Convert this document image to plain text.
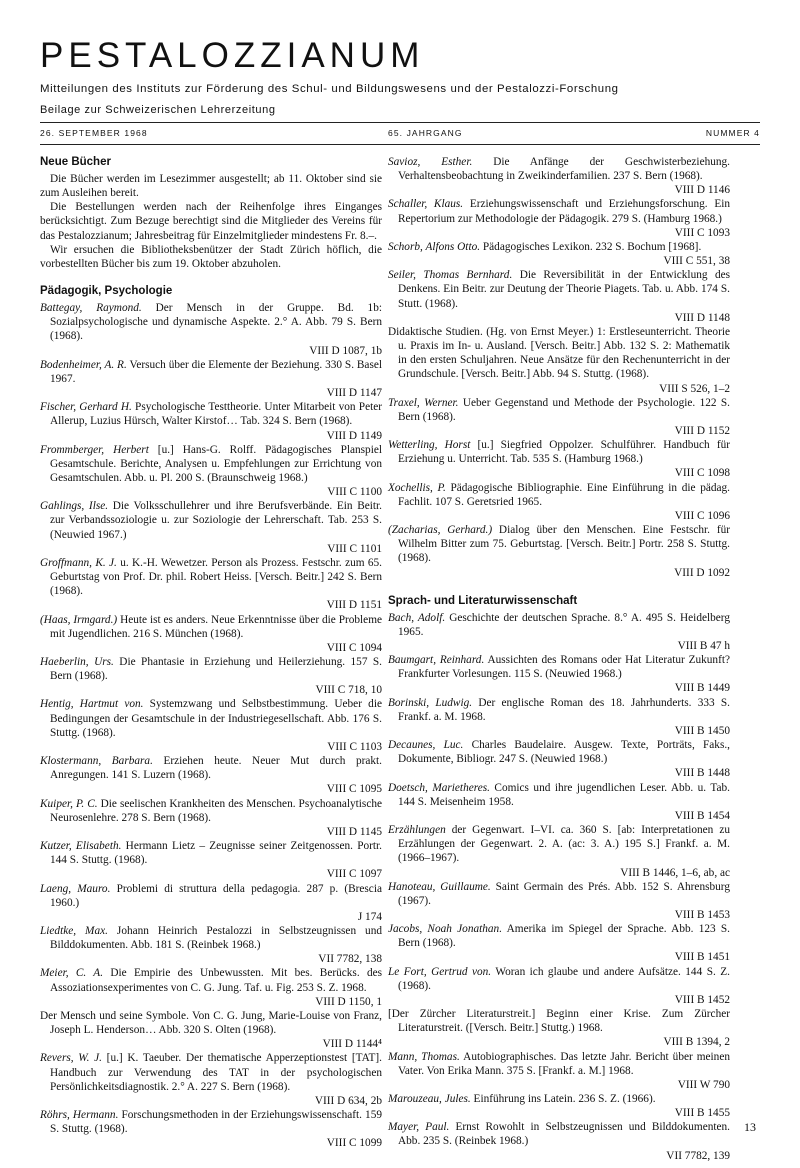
PESTALOZZIANUM
Mitteilungen des Instituts zur Förderung des Schul- und Bildungswesens und der Pestalozzi-Forschung
Beilage zur Schweizerischen Lehrerzeitung
26. SEPTEMBER 1968	65. JAHRGANG	NUMMER 4
Neue Bücher

Die Bücher werden im Lesezimmer ausgestellt; ab 11. Oktober sind sie zum Ausleihen bereit.

Die Bestellungen werden nach der Reihenfolge ihres Einganges berücksichtigt. Zum Bezuge berechtigt sind die Mitglieder des Vereins für das Pestalozzianum; Jahresbeitrag für Einzelmitglieder mindestens Fr. 8.–.

Wir ersuchen die Bibliotheksbenützer der Stadt Zürich höflich, die vorbestellten Bücher bis zum 19. Oktober abzuholen.

Pädagogik, Psychologie
Battegay, Raymond. Der Mensch in der Gruppe. Bd. 1b: Sozialpsychologische und dynamische Aspekte. 2.° A. Abb. 79 S. Bern (1968).
VIII D 1087, 1b
Bodenheimer, A. R. Versuch über die Elemente der Beziehung. 330 S. Basel 1967.
VIII D 1147
Fischer, Gerhard H. Psychologische Testtheorie. Unter Mitarbeit von Peter Allerup, Luzius Hürsch, Walter Kirstof… Tab. 324 S. Bern (1968).
VIII D 1149
Frommberger, Herbert [u.] Hans-G. Rolff. Pädagogisches Planspiel Gesamtschule. Berichte, Analysen u. Empfehlungen zur Errichtung von Gesamtschulen. Abb. u. Pl. 200 S. (Braunschweig 1968.)
VIII C 1100
Gahlings, Ilse. Die Volksschullehrer und ihre Berufsverbände. Ein Beitr. zur Verbandssoziologie u. zur Soziologie der Lehrerschaft. Tab. 253 S. (Neuwied 1967.)
VIII C 1101
Groffmann, K. J. u. K.-H. Wewetzer. Person als Prozess. Festschr. zum 65. Geburtstag von Prof. Dr. phil. Robert Heiss. [Versch. Beitr.] 242 S. Bern (1968).
VIII D 1151
(Haas, Irmgard.) Heute ist es anders. Neue Erkenntnisse über die Probleme mit Jugendlichen. 216 S. München (1968).
VIII C 1094
Haeberlin, Urs. Die Phantasie in Erziehung und Heilerziehung. 157 S. Bern (1968).
VIII C 718, 10
Hentig, Hartmut von. Systemzwang und Selbstbestimmung. Ueber die Bedingungen der Gesamtschule in der Industriegesellschaft. Abb. 176 S. Stuttg. (1968).
VIII C 1103
Klostermann, Barbara. Erziehen heute. Neuer Mut durch prakt. Anregungen. 141 S. Luzern (1968).
VIII C 1095
Kuiper, P. C. Die seelischen Krankheiten des Menschen. Psychoanalytische Neurosenlehre. 278 S. Bern (1968).
VIII D 1145
Kutzer, Elisabeth. Hermann Lietz – Zeugnisse seiner Zeitgenossen. Portr. 144 S. Stuttg. (1968).
VIII C 1097
Laeng, Mauro. Problemi di struttura della pedagogia. 287 p. (Brescia 1960.)
J 174
Liedtke, Max. Johann Heinrich Pestalozzi in Selbstzeugnissen und Bilddokumenten. Abb. 181 S. (Reinbek 1968.)
VII 7782, 138
Meier, C. A. Die Empirie des Unbewussten. Mit bes. Berücks. des Assoziationsexperimentes von C. G. Jung. Taf. u. Fig. 253 S. Z. 1968.
VIII D 1150, 1
Der Mensch und seine Symbole. Von C. G. Jung, Marie-Louise von Franz, Joseph L. Henderson… Abb. 320 S. Olten (1968).
VIII D 1144⁴
Revers, W. J. [u.] K. Taeuber. Der thematische Apperzeptionstest [TAT]. Handbuch zur Verwendung des TAT in der psychologischen Persönlichkeitsdiagnostik. 2.° A. 227 S. Bern (1968).
VIII D 634, 2b
Röhrs, Hermann. Forschungsmethoden in der Erziehungswissenschaft. 159 S. Stuttg. (1968).
VIII C 1099
Savioz, Esther. Die Anfänge der Geschwisterbeziehung. Verhaltensbeobachtung in Zweikinderfamilien. 237 S. Bern (1968).
VIII D 1146
Schaller, Klaus. Erziehungswissenschaft und Erziehungsforschung. Ein Repertorium zur Methodologie der Pädagogik. 279 S. (Hamburg 1968.)
VIII C 1093
Schorb, Alfons Otto. Pädagogisches Lexikon. 232 S. Bochum [1968].
VIII C 551, 38
Seiler, Thomas Bernhard. Die Reversibilität in der Entwicklung des Denkens. Ein Beitr. zur Deutung der Theorie Piagets. Tab. u. Abb. 174 S. Stutt. (1968).
VIII D 1148
Didaktische Studien. (Hg. von Ernst Meyer.) 1: Erstleseunterricht. Theorie u. Praxis im In- u. Ausland. [Versch. Beitr.] Abb. 132 S. 2: Mathematik in den ersten Schuljahren. Neue Ansätze für den Rechenunterricht in der Grundschule. [Versch. Beitr.] Abb. 94 S. Stuttg. (1968).
VIII S 526, 1–2
Traxel, Werner. Ueber Gegenstand und Methode der Psychologie. 122 S. Bern (1968).
VIII D 1152
Wetterling, Horst [u.] Siegfried Oppolzer. Schulführer. Handbuch für Erziehung u. Unterricht. Tab. 535 S. (Hamburg 1968.)
VIII C 1098
Xochellis, P. Pädagogische Bibliographie. Eine Einführung in die pädag. Fachlit. 107 S. Geretsried 1965.
VIII C 1096
(Zacharias, Gerhard.) Dialog über den Menschen. Eine Festschr. für Wilhelm Bitter zum 75. Geburtstag. [Versch. Beitr.] Portr. 258 S. Stuttg. (1968).
VIII D 1092
Sprach- und Literaturwissenschaft
Bach, Adolf. Geschichte der deutschen Sprache. 8.° A. 495 S. Heidelberg 1965.
VIII B 47 h
Baumgart, Reinhard. Aussichten des Romans oder Hat Literatur Zukunft? Frankfurter Vorlesungen. 115 S. (Neuwied 1968.)
VIII B 1449
Borinski, Ludwig. Der englische Roman des 18. Jahrhunderts. 333 S. Frankf. a. M. 1968.
VIII B 1450
Decaunes, Luc. Charles Baudelaire. Ausgew. Texte, Porträts, Faks., Dokumente, Bibliogr. 247 S. (Neuwied 1968.)
VIII B 1448
Doetsch, Marietheres. Comics und ihre jugendlichen Leser. Abb. u. Tab. 144 S. Meisenheim 1958.
VIII B 1454
Erzählungen der Gegenwart. I–VI. ca. 360 S. [ab: Interpretationen zu Erzählungen der Gegenwart. 2. A. (ac: 3. A.) 195 S.] Frankf. a. M. (1966–1967).
VIII B 1446, 1–6, ab, ac
Hanoteau, Guillaume. Saint Germain des Prés. Abb. 152 S. Ahrensburg (1967).
VIII B 1453
Jacobs, Noah Jonathan. Amerika im Spiegel der Sprache. Abb. 123 S. Bern (1968).
VIII B 1451
Le Fort, Gertrud von. Woran ich glaube und andere Aufsätze. 144 S. Z. (1968).
VIII B 1452
[Der Zürcher Literaturstreit.] Beginn einer Krise. Zum Zürcher Literaturstreit. ([Versch. Beitr.] Stuttg.) 1968.
VIII B 1394, 2
Mann, Thomas. Autobiographisches. Das letzte Jahr. Bericht über meinen Vater. Von Erika Mann. 375 S. [Frankf. a. M.] 1968.
VIII W 790
Marouzeau, Jules. Einführung ins Latein. 236 S. Z. (1966).
VIII B 1455
Mayer, Paul. Ernst Rowohlt in Selbstzeugnissen und Bilddokumenten. Abb. 235 S. (Reinbek 1968.)
VII 7782, 139
13
